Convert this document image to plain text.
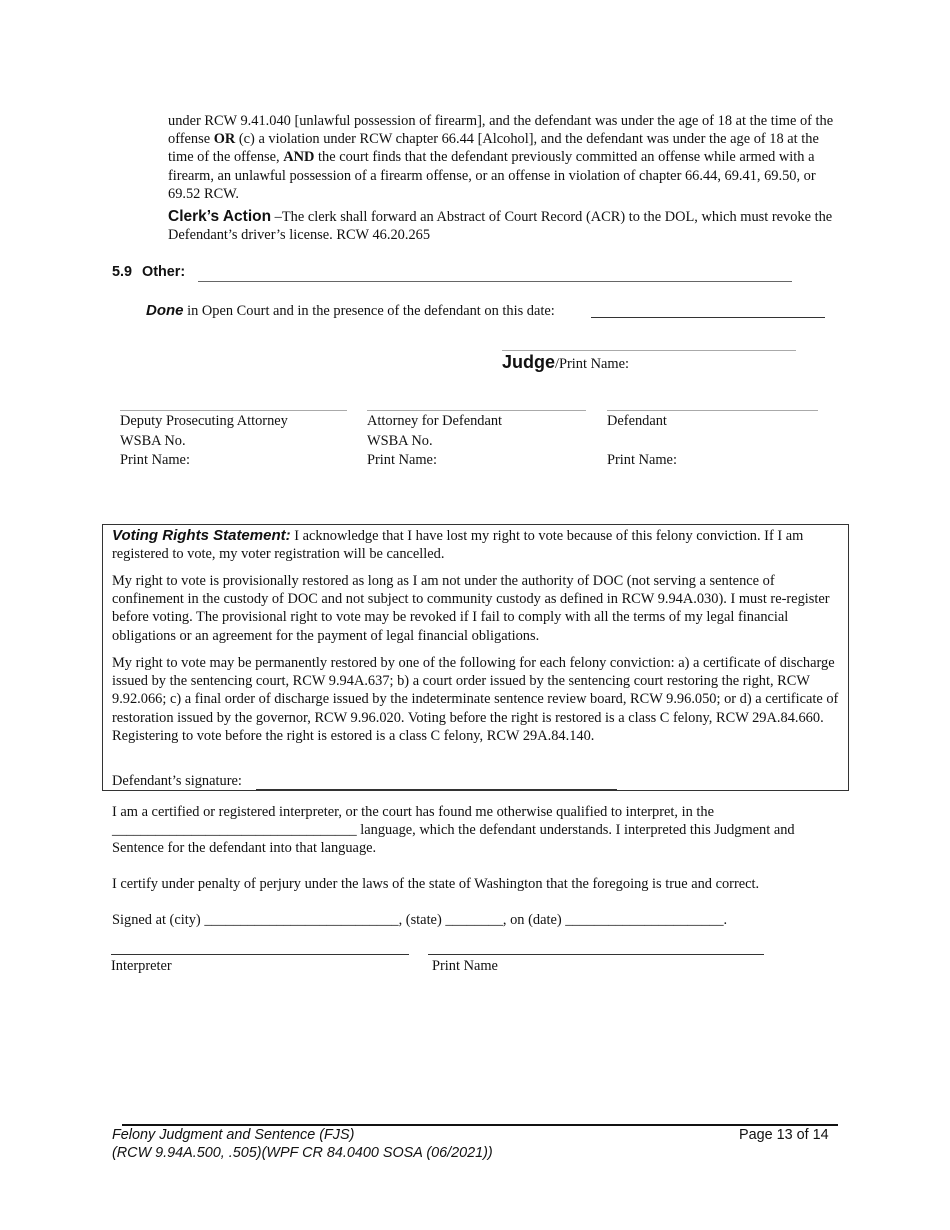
under RCW 9.41.040 [unlawful possession of firearm], and the defendant was under the age of 18 at the time of the offense OR (c) a violation under RCW chapter 66.44 [Alcohol], and the defendant was under the age of 18 at the time of the offense, AND the court finds that the defendant previously committed an offense while armed with a firearm, an unlawful possession of a firearm offense, or an offense in violation of chapter 66.44, 69.41, 69.50, or 69.52 RCW.
Clerk’s Action –The clerk shall forward an Abstract of Court Record (ACR) to the DOL, which must revoke the Defendant’s driver’s license. RCW 46.20.265
5.9 Other:
Done in Open Court and in the presence of the defendant on this date:
Judge/Print Name:
Deputy Prosecuting Attorney
WSBA No.
Print Name:
Attorney for Defendant
WSBA No.
Print Name:
Defendant
Print Name:
Voting Rights Statement: I acknowledge that I have lost my right to vote because of this felony conviction. If I am registered to vote, my voter registration will be cancelled.
My right to vote is provisionally restored as long as I am not under the authority of DOC (not serving a sentence of confinement in the custody of DOC and not subject to community custody as defined in RCW 9.94A.030). I must re-register before voting. The provisional right to vote may be revoked if I fail to comply with all the terms of my legal financial obligations or an agreement for the payment of legal financial obligations.
My right to vote may be permanently restored by one of the following for each felony conviction: a) a certificate of discharge issued by the sentencing court, RCW 9.94A.637; b) a court order issued by the sentencing court restoring the right, RCW 9.92.066; c) a final order of discharge issued by the indeterminate sentence review board, RCW 9.96.050; or d) a certificate of restoration issued by the governor, RCW 9.96.020. Voting before the right is restored is a class C felony, RCW 29A.84.660. Registering to vote before the right is estored is a class C felony, RCW 29A.84.140.
Defendant’s signature:
I am a certified or registered interpreter, or the court has found me otherwise qualified to interpret, in the
__________________________________ language, which the defendant understands. I interpreted this Judgment and Sentence for the defendant into that language.
I certify under penalty of perjury under the laws of the state of Washington that the foregoing is true and correct.
Signed at (city) ___________________________, (state) ________, on (date) ______________________.
Interpreter	Print Name
Felony Judgment and Sentence (FJS)
(RCW 9.94A.500, .505)(WPF CR 84.0400 SOSA (06/2021))
Page 13 of 14
